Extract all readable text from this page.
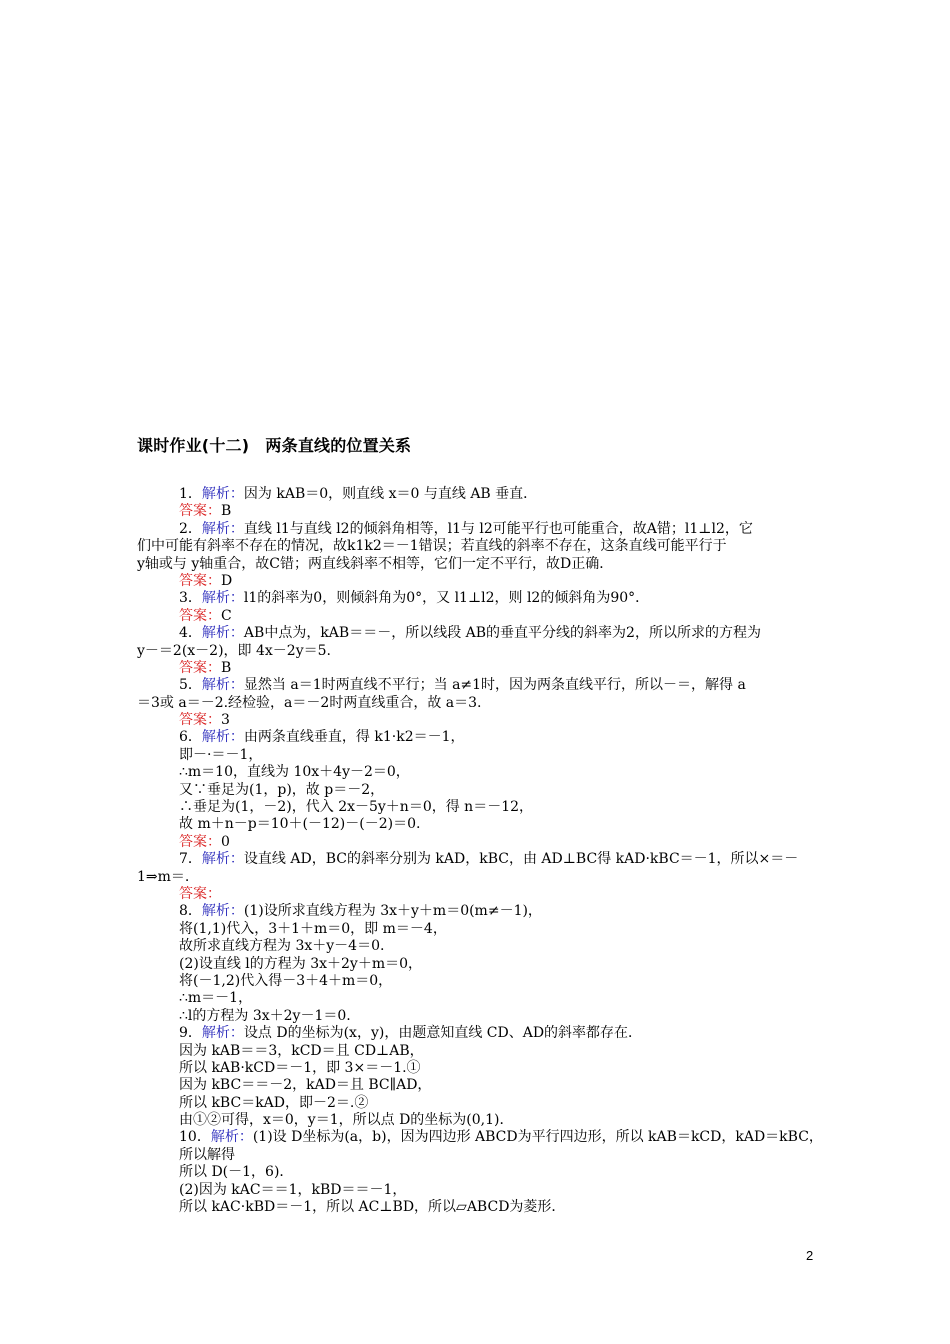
课时作业(十二)　两条直线的位置关系
1．解析：因为 kAB＝0，则直线 x＝0 与直线 AB 垂直．
答案：B
2．解析：直线 l1与直线 l2的倾斜角相等，l1与 l2可能平行也可能重合，故A错；l1⊥l2，它
们中可能有斜率不存在的情况，故k1k2＝－1错误；若直线的斜率不存在，这条直线可能平行于
y轴或与 y轴重合，故C错；两直线斜率不相等，它们一定不平行，故D正确．
答案：D
3．解析：l1的斜率为0，则倾斜角为0°，又 l1⊥l2，则 l2的倾斜角为90°．
答案：C
4．解析：AB中点为，kAB＝＝－，所以线段 AB的垂直平分线的斜率为2，所以所求的方程为
y－＝2(x－2)，即 4x－2y＝5.
答案：B
5．解析：显然当 a＝1时两直线不平行；当 a≠1时，因为两条直线平行，所以－＝，解得 a
＝3或 a＝－2.经检验，a＝－2时两直线重合，故 a＝3.
答案：3
6．解析：由两条直线垂直，得 k1·k2＝－1，
即－·＝－1，
∴m＝10，直线为 10x＋4y－2＝0，
又∵垂足为(1，p)，故 p＝－2，
∴垂足为(1，－2)，代入 2x－5y＋n＝0，得 n＝－12，
故 m＋n－p＝10＋(－12)－(－2)＝0.
答案：0
7．解析：设直线 AD，BC的斜率分别为 kAD，kBC，由 AD⊥BC得 kAD·kBC＝－1，所以×＝－
1⇒m＝.
答案：
8．解析：(1)设所求直线方程为 3x＋y＋m＝0(m≠－1)，
将(1,1)代入，3＋1＋m＝0，即 m＝－4，
故所求直线方程为 3x＋y－4＝0.
(2)设直线 l的方程为 3x＋2y＋m＝0，
将(－1,2)代入得－3＋4＋m＝0，
∴m＝－1，
∴l的方程为 3x＋2y－1＝0.
9．解析：设点 D的坐标为(x，y)，由题意知直线 CD、AD的斜率都存在．
因为 kAB＝＝3，kCD＝且 CD⊥AB，
所以 kAB·kCD＝－1，即 3×＝－1.①
因为 kBC＝＝－2，kAD＝且 BC∥AD，
所以 kBC＝kAD，即－2＝.②
由①②可得，x＝0，y＝1，所以点 D的坐标为(0,1)．
10．解析：(1)设 D坐标为(a，b)，因为四边形 ABCD为平行四边形，所以 kAB＝kCD，kAD＝kBC，
所以解得
所以 D(－1，6)．
(2)因为 kAC＝＝1，kBD＝＝－1，
所以 kAC·kBD＝－1，所以 AC⊥BD，所以▱ABCD为菱形．
2
